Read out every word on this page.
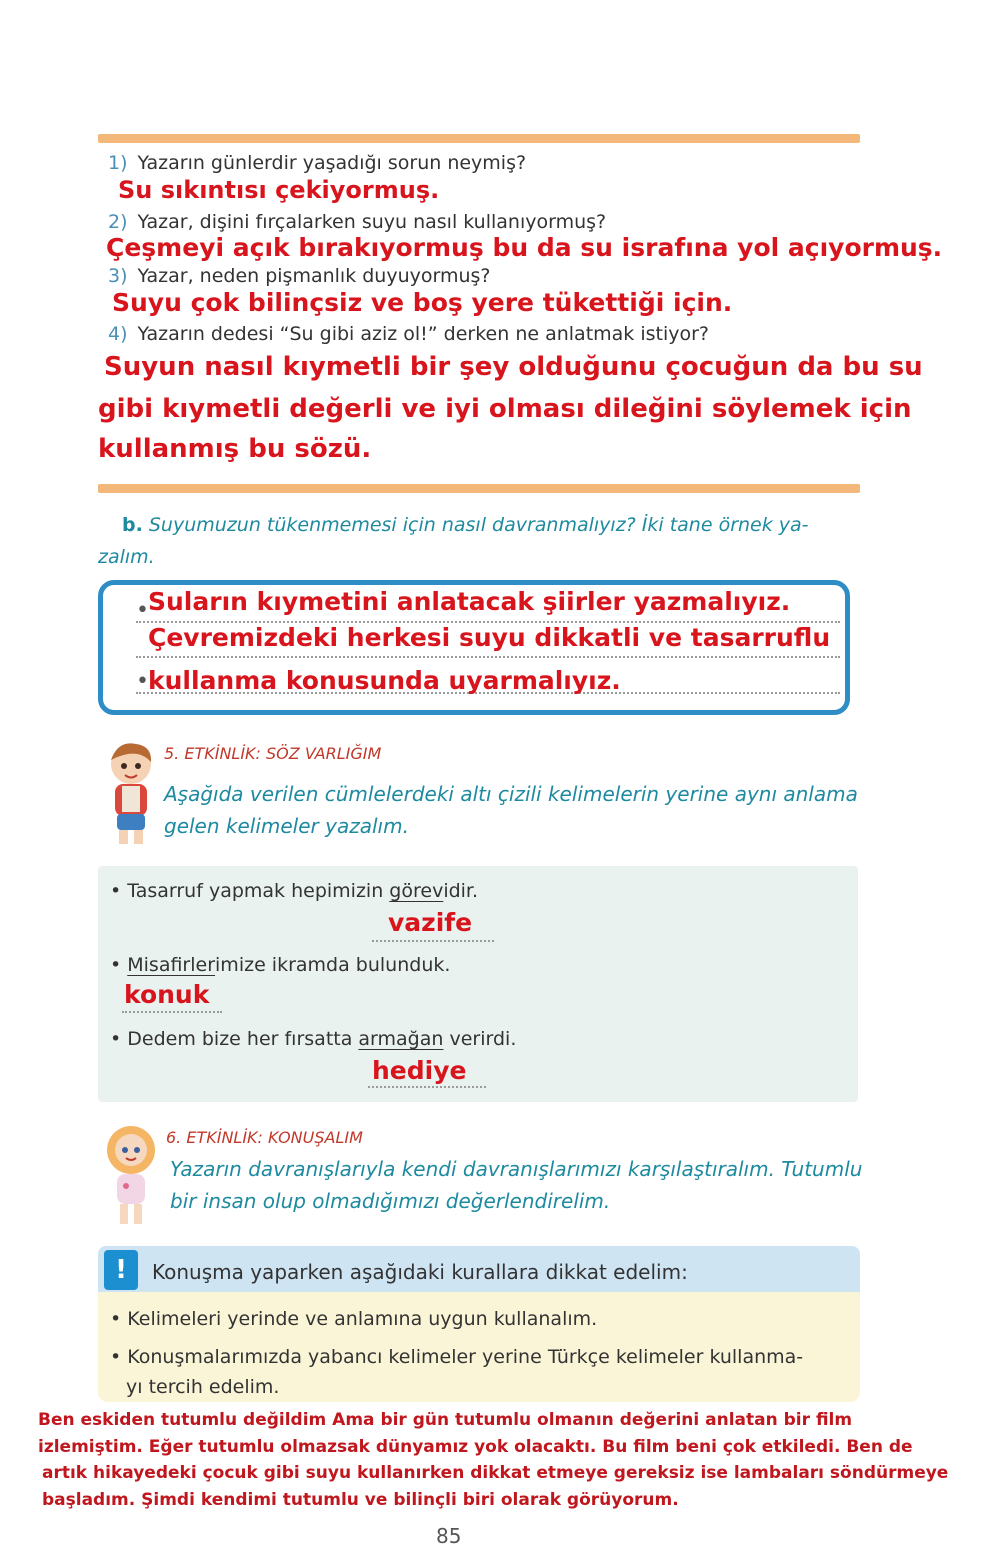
1) Yazarın günlerdir yaşadığı sorun neymiş?
Su sıkıntısı çekiyormuş.
2) Yazar, dişini fırçalarken suyu nasıl kullanıyormuş?
Çeşmeyi açık bırakıyormuş bu da su israfına yol açıyormuş.
3) Yazar, neden pişmanlık duyuyormuş?
Suyu çok bilinçsiz ve boş yere tükettiği için.
4) Yazarın dedesi “Su gibi aziz ol!” derken ne anlatmak istiyor?
Suyun nasıl kıymetli bir şey olduğunu çocuğun da bu su
gibi kıymetli değerli ve iyi olması dileğini söylemek için
kullanmış bu sözü.
b. Suyumuzun tükenmemesi için nasıl davranmalıyız? İki tane örnek ya-
zalım.
•
•
Suların kıymetini anlatacak şiirler yazmalıyız.
Çevremizdeki herkesi suyu dikkatli ve tasarruflu
kullanma konusunda uyarmalıyız.
5. ETKİNLİK: SÖZ VARLIĞIM
Aşağıda verilen cümlelerdeki altı çizili kelimelerin yerine aynı anlama
gelen kelimeler yazalım.
• Tasarruf yapmak hepimizin görevidir.
vazife
• Misafirlerimize ikramda bulunduk.
konuk
• Dedem bize her fırsatta armağan verirdi.
hediye
6. ETKİNLİK: KONUŞALIM
Yazarın davranışlarıyla kendi davranışlarımızı karşılaştıralım. Tutumlu
bir insan olup olmadığımızı değerlendirelim.
!	Konuşma yaparken aşağıdaki kurallara dikkat edelim:
• Kelimeleri yerinde ve anlamına uygun kullanalım.
• Konuşmalarımızda yabancı kelimeler yerine Türkçe kelimeler kullanma-
yı tercih edelim.
Ben eskiden tutumlu değildim Ama bir gün tutumlu olmanın değerini anlatan bir film
izlemiştim. Eğer tutumlu olmazsak dünyamız yok olacaktı. Bu film beni çok etkiledi. Ben de
artık hikayedeki çocuk gibi suyu kullanırken dikkat etmeye gereksiz ise lambaları söndürmeye
başladım. Şimdi kendimi tutumlu ve bilinçli biri olarak görüyorum.
85
